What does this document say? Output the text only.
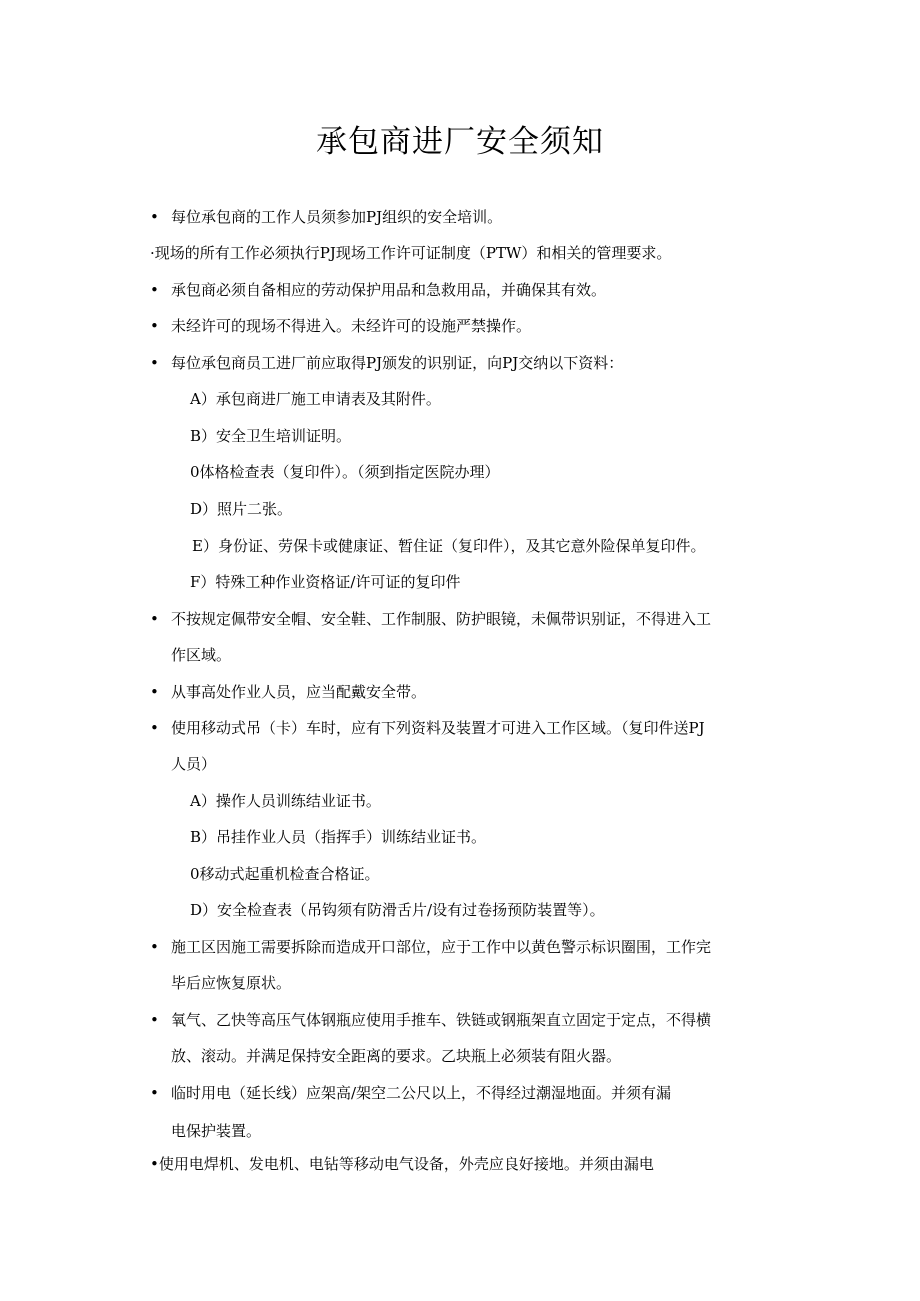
承包商进厂安全须知
• 每位承包商的工作人员须参加PJ组织的安全培训。
·现场的所有工作必须执行PJ现场工作许可证制度（PTW）和相关的管理要求。
• 承包商必须自备相应的劳动保护用品和急救用品，并确保其有效。
• 未经许可的现场不得进入。未经许可的设施严禁操作。
• 每位承包商员工进厂前应取得PJ颁发的识别证，向PJ交纳以下资料：
A）承包商进厂施工申请表及其附件。
B）安全卫生培训证明。
0体格检查表（复印件）。（须到指定医院办理）
D）照片二张。
E）身份证、劳保卡或健康证、暂住证（复印件），及其它意外险保单复印件。
F）特殊工种作业资格证/许可证的复印件
• 不按规定佩带安全帽、安全鞋、工作制服、防护眼镜，未佩带识别证，不得进入工
作区域。
• 从事高处作业人员，应当配戴安全带。
• 使用移动式吊（卡）车时，应有下列资料及装置才可进入工作区域。（复印件送PJ
人员）
A）操作人员训练结业证书。
B）吊挂作业人员（指挥手）训练结业证书。
0移动式起重机检查合格证。
D）安全检查表（吊钩须有防滑舌片/设有过卷扬预防装置等）。
• 施工区因施工需要拆除而造成开口部位，应于工作中以黄色警示标识圈围，工作完
毕后应恢复原状。
• 氧气、乙快等高压气体钢瓶应使用手推车、铁链或钢瓶架直立固定于定点，不得横
放、滚动。并满足保持安全距离的要求。乙块瓶上必须装有阻火器。
• 临时用电（延长线）应架高/架空二公尺以上，不得经过潮湿地面。并须有漏
电保护装置。
•使用电焊机、发电机、电钻等移动电气设备，外壳应良好接地。并须由漏电
